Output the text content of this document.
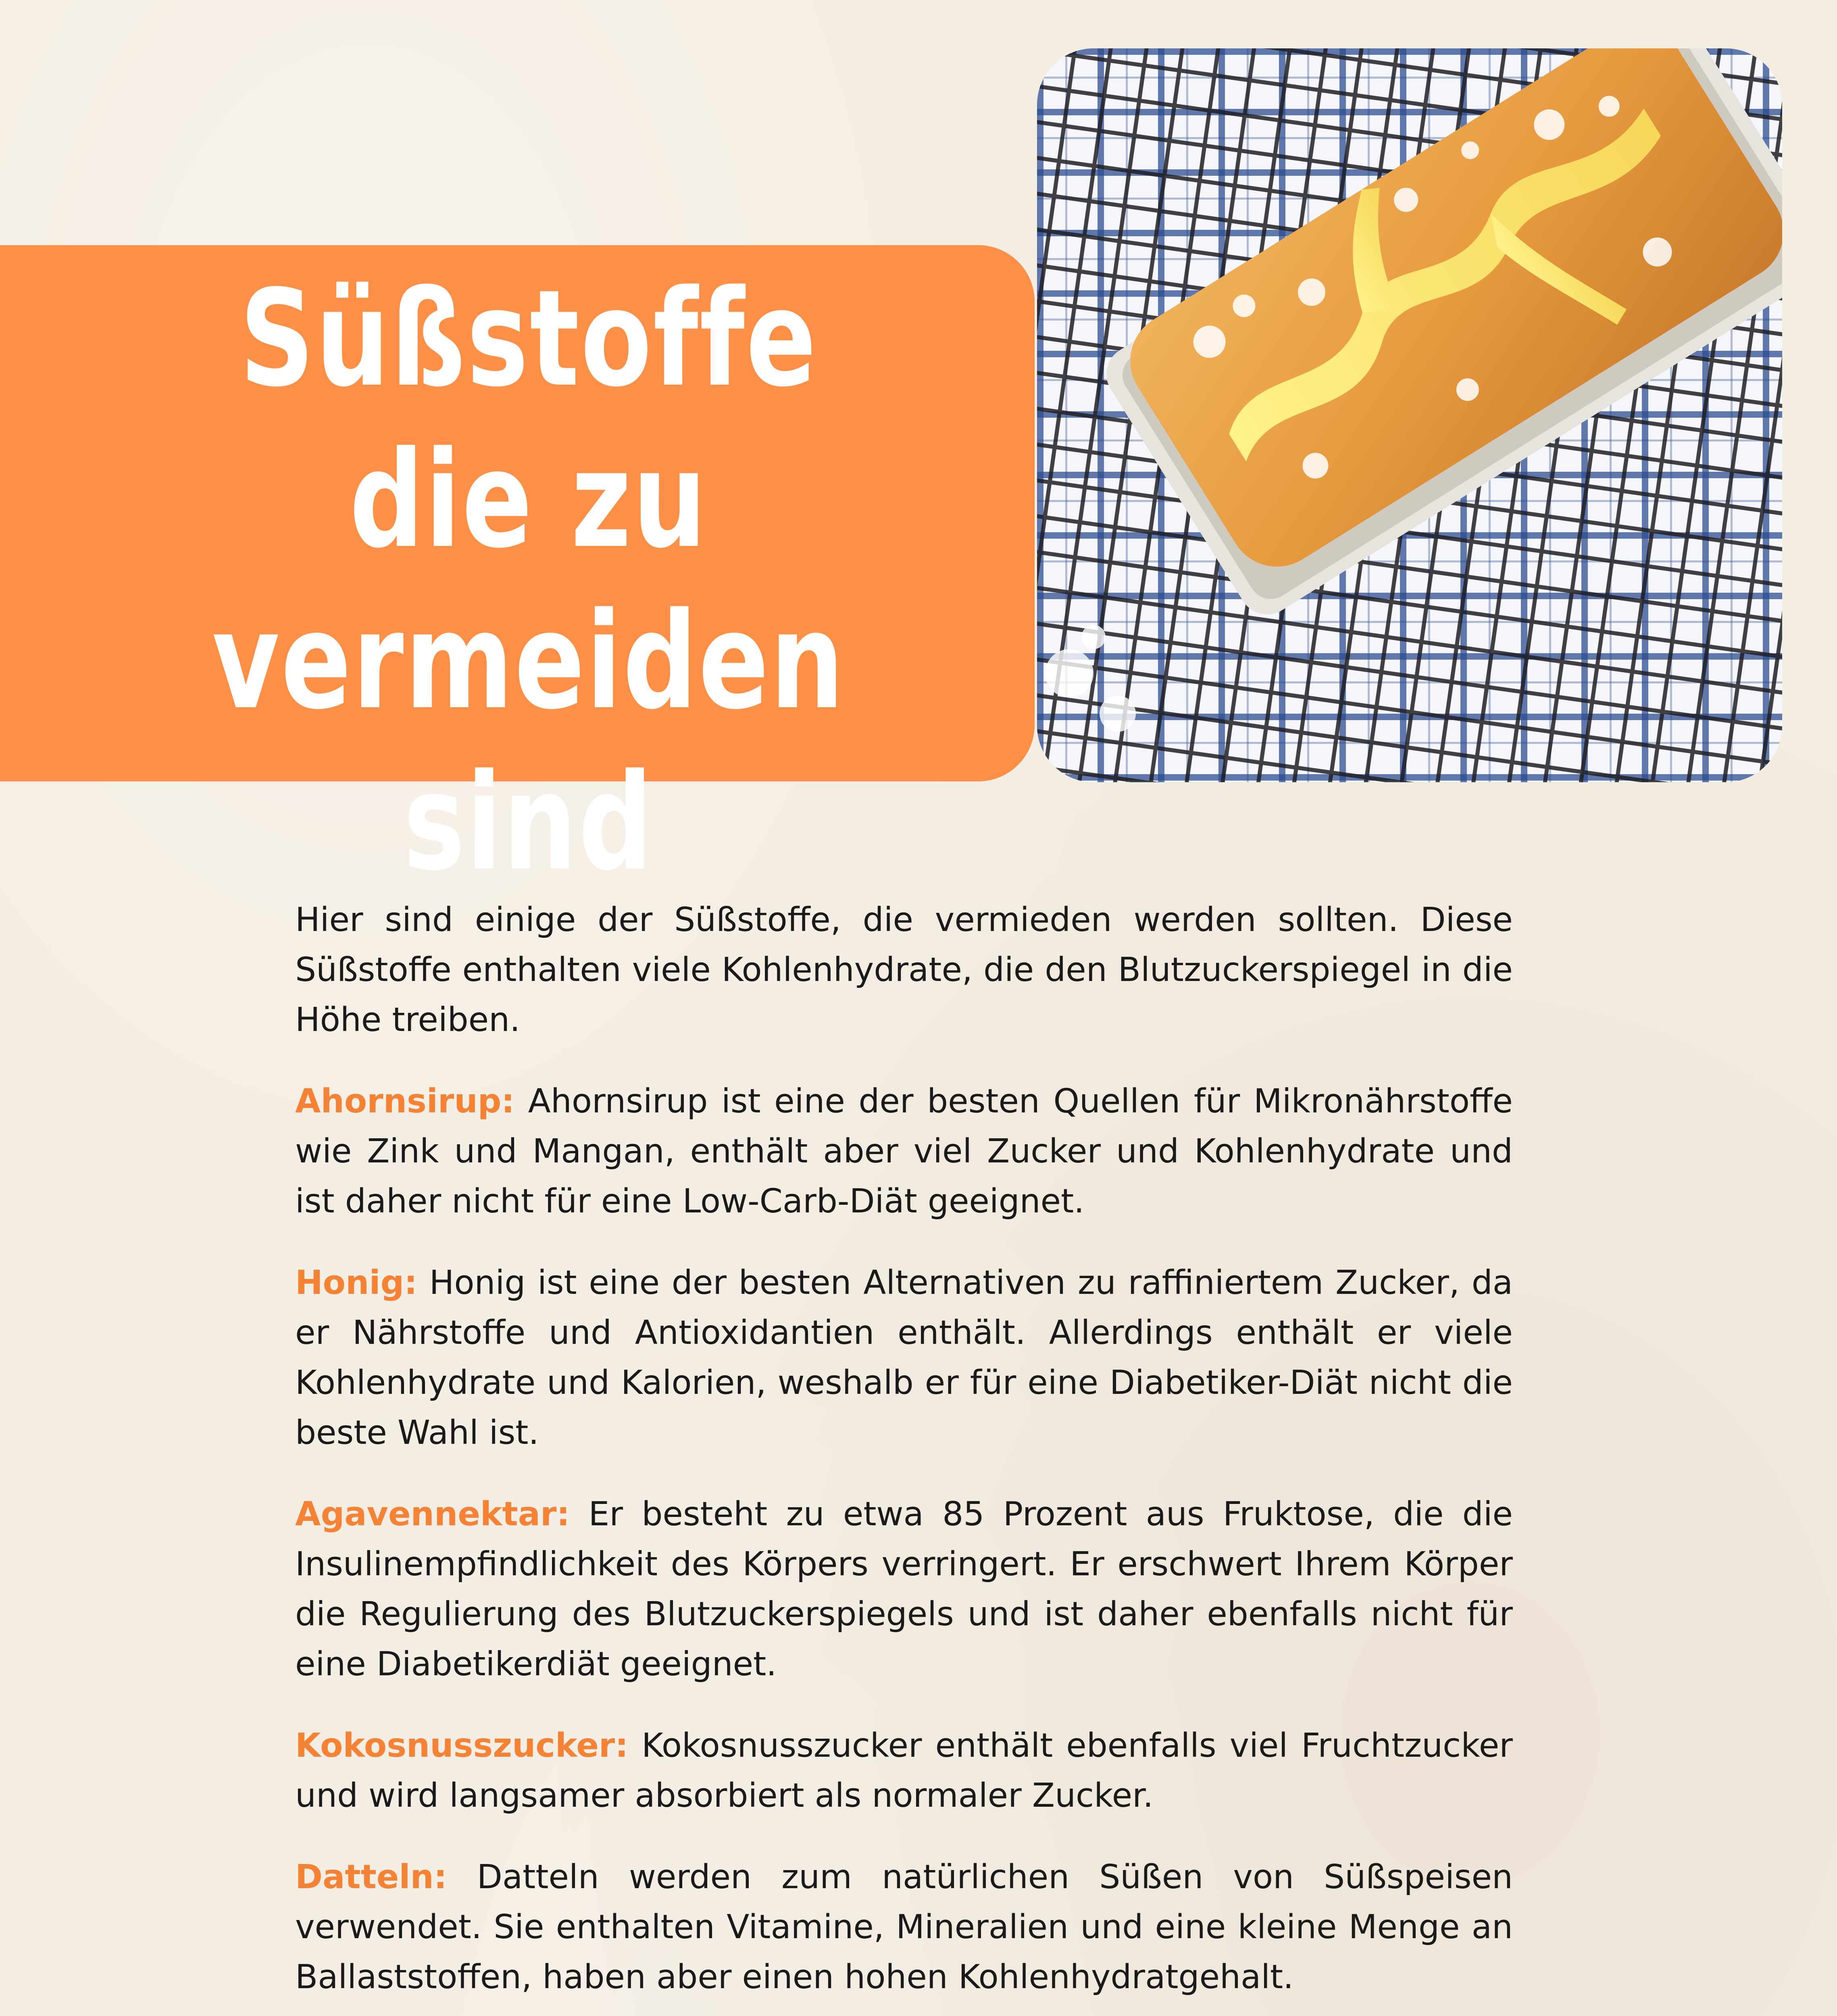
Süßstoffe
die zu
vermeiden sind

Hier sind einige der Süßstoffe, die vermieden werden sollten. Diese Süßstoffe enthalten viele Kohlenhydrate, die den Blutzuckerspiegel in die Höhe treiben.

Ahornsirup: Ahornsirup ist eine der besten Quellen für Mikronährstoffe wie Zink und Mangan, enthält aber viel Zucker und Kohlenhydrate und ist daher nicht für eine Low-Carb-Diät geeignet.

Honig: Honig ist eine der besten Alternativen zu raffiniertem Zucker, da er Nährstoffe und Antioxidantien enthält. Allerdings enthält er viele Kohlenhydrate und Kalorien, weshalb er für eine Diabetiker-Diät nicht die beste Wahl ist.

Agavennektar: Er besteht zu etwa 85 Prozent aus Fruktose, die die Insulinempfindlichkeit des Körpers verringert. Er erschwert Ihrem Körper die Regulierung des Blutzuckerspiegels und ist daher ebenfalls nicht für eine Diabetikerdiät geeignet.

Kokosnusszucker: Kokosnusszucker enthält ebenfalls viel Fruchtzucker und wird langsamer absorbiert als normaler Zucker.

Datteln: Datteln werden zum natürlichen Süßen von Süßspeisen verwendet. Sie enthalten Vitamine, Mineralien und eine kleine Menge an Ballaststoffen, haben aber einen hohen Kohlenhydratgehalt.
